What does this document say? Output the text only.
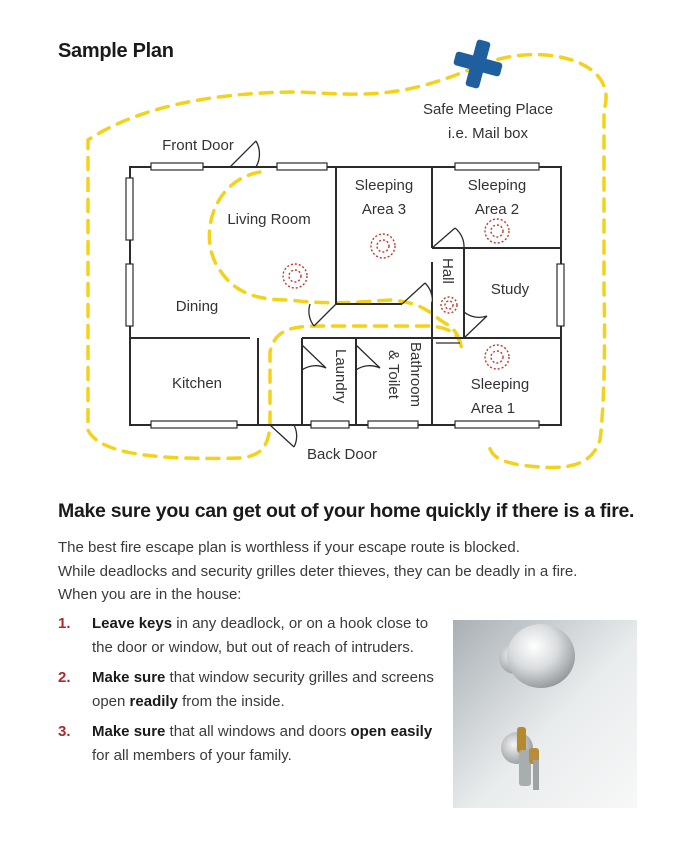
Sample Plan
Safe Meeting Place
i.e. Mail box
Front Door
Living Room
Dining
Kitchen
Sleeping
Area 3
Sleeping
Area 2
Study
Sleeping
Area 1
Hall
Laundry	Bathroom
& Toilet
Back Door
Make sure you can get out of your home quickly if there is a fire.

The best fire escape plan is worthless if your escape route is blocked.
While deadlocks and security grilles deter thieves, they can be deadly in a fire.
When you are in the house:

1. Leave keys in any deadlock, or on a hook close to the door or window, but out of reach of intruders.
2. Make sure that window security grilles and screens open readily from the inside.
3. Make sure that all windows and doors open easily for all members of your family.
